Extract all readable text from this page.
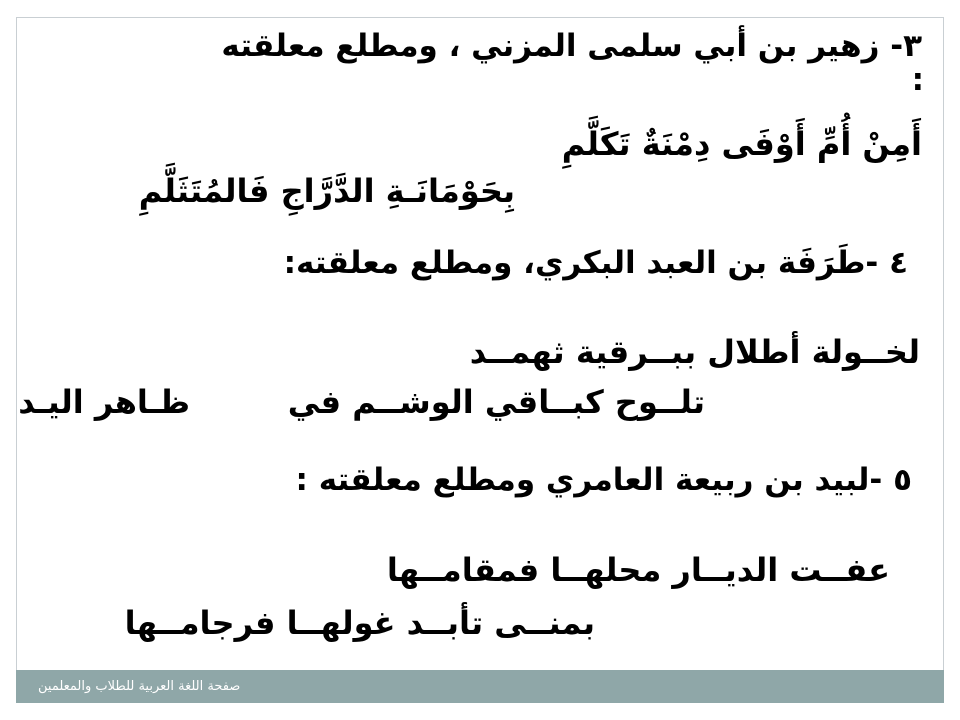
٣- زهير بن أبي سلمى المزني ، ومطلع معلقته
:
أَمِنْ أُمِّ أَوْفَى دِمْنَةٌ تَكَلَّمِ
بِحَوْمَانَـةِ الدَّرَّاجِ فَالمُتَثَلَّمِ
٤ -طَرَفَة بن العبد البكري، ومطلع معلقته:
لخــولة أطلال ببــرقية ثهمــد
تلــوح كبــاقي الوشــم في
ظـاهر اليـد
٥ -لبيد بن ربيعة العامري ومطلع معلقته :
عفــت الديــار محلهــا فمقامــها
بمنــى تأبــد غولهــا فرجامــها
صفحة اللغة العربية للطلاب والمعلمين
